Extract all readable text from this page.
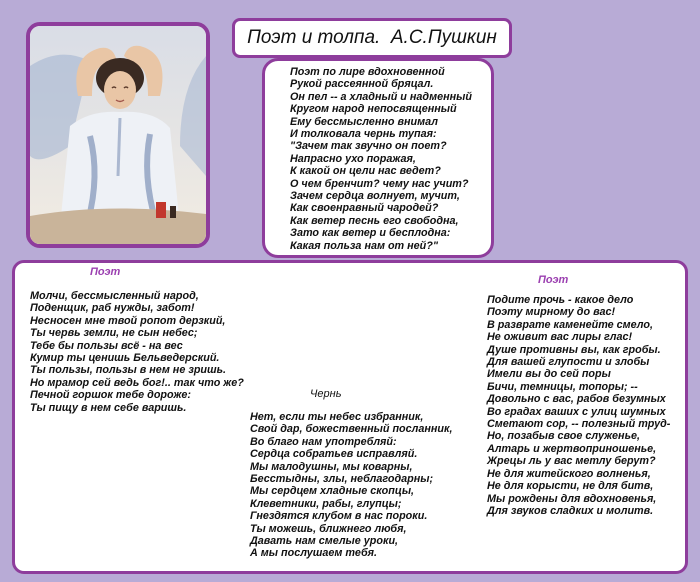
Поэт и толпа.  А.С.Пушкин
Поэт по лире вдохновенной
Рукой рассеянной бряцал.
Он пел -- а хладный и надменный
Кругом народ непосвященный
Ему бессмысленно внимал
И толковала чернь тупая:
"Зачем так звучно он поет?
Напрасно ухо поражая,
К какой он цели нас ведет?
О чем бренчит? чему нас учит?
Зачем сердца волнует, мучит,
Как своенравный чародей?
Как ветер песнь его свободна,
Зато как ветер и бесплодна:
Какая польза нам от ней?"
Поэт
Молчи, бессмысленный народ,
Поденщик, раб нужды, забот!
Несносен мне твой ропот дерзкий,
Ты червь земли, не сын небес;
Тебе бы пользы всё - на вес
Кумир ты ценишь Бельведерский.
Ты пользы, пользы в нем не зришь.
Но мрамор сей ведь бог!.. так что же?
Печной горшок тебе дороже:
Ты пищу в нем себе варишь.
Чернь
Нет, если ты небес избранник,
Свой дар, божественный посланник,
Во благо нам употребляй:
Сердца собратьев исправляй.
Мы малодушны, мы коварны,
Бесстыдны, злы, неблагодарны;
Мы сердцем хладные скопцы,
Клеветники, рабы, глупцы;
Гнездятся клубом в нас пороки.
Ты можешь, ближнего любя,
Давать нам смелые уроки,
А мы послушаем тебя.
Поэт
Подите прочь - какое дело
Поэту мирному до вас!
В разврате каменейте смело,
Не оживит вас лиры глас!
Душе противны вы, как гробы.
Для вашей глупости и злобы
Имели вы до сей поры
Бичи, темницы, топоры; --
Довольно с вас, рабов безумных
Во градах ваших с улиц шумных
Сметают сор, -- полезный труд-
Но, позабыв свое служенье,
Алтарь и жертвоприношенье,
Жрецы ль у вас метлу берут?
Не для житейского волненья,
Не для корысти, не для битв,
Мы рождены для вдохновенья,
Для звуков сладких и молитв.
